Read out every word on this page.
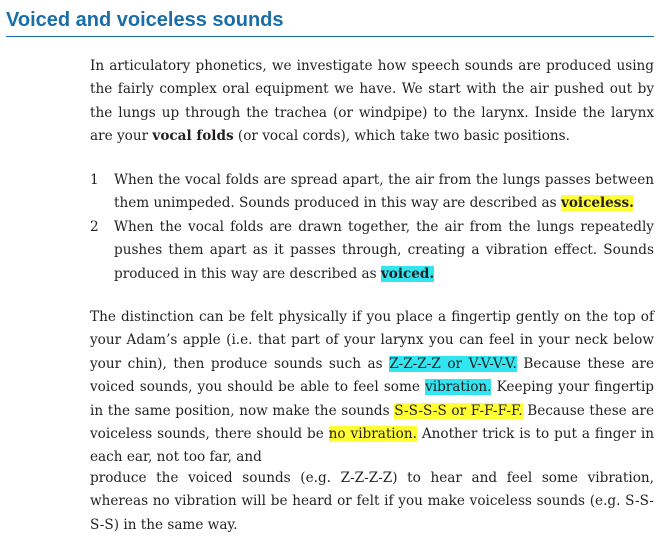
Voiced and voiceless sounds

In articulatory phonetics, we investigate how speech sounds are produced using the fairly complex oral equipment we have. We start with the air pushed out by the lungs up through the trachea (or windpipe) to the larynx. Inside the larynx are your vocal folds (or vocal cords), which take two basic positions.

1	When the vocal folds are spread apart, the air from the lungs passes between them unimpeded. Sounds produced in this way are described as voiceless.
2	When the vocal folds are drawn together, the air from the lungs repeatedly pushes them apart as it passes through, creating a vibration effect. Sounds produced in this way are described as voiced.

The distinction can be felt physically if you place a fingertip gently on the top of your Adam’s apple (i.e. that part of your larynx you can feel in your neck below your chin), then produce sounds such as Z-Z-Z-Z or V-V-V-V. Because these are voiced sounds, you should be able to feel some vibration. Keeping your fingertip in the same position, now make the sounds S-S-S-S or F-F-F-F. Because these are voiceless sounds, there should be no vibration. Another trick is to put a finger in each ear, not too far, and

produce the voiced sounds (e.g. Z-Z-Z-Z) to hear and feel some vibration, whereas no vibration will be heard or felt if you make voiceless sounds (e.g. S-S-S-S) in the same way.
